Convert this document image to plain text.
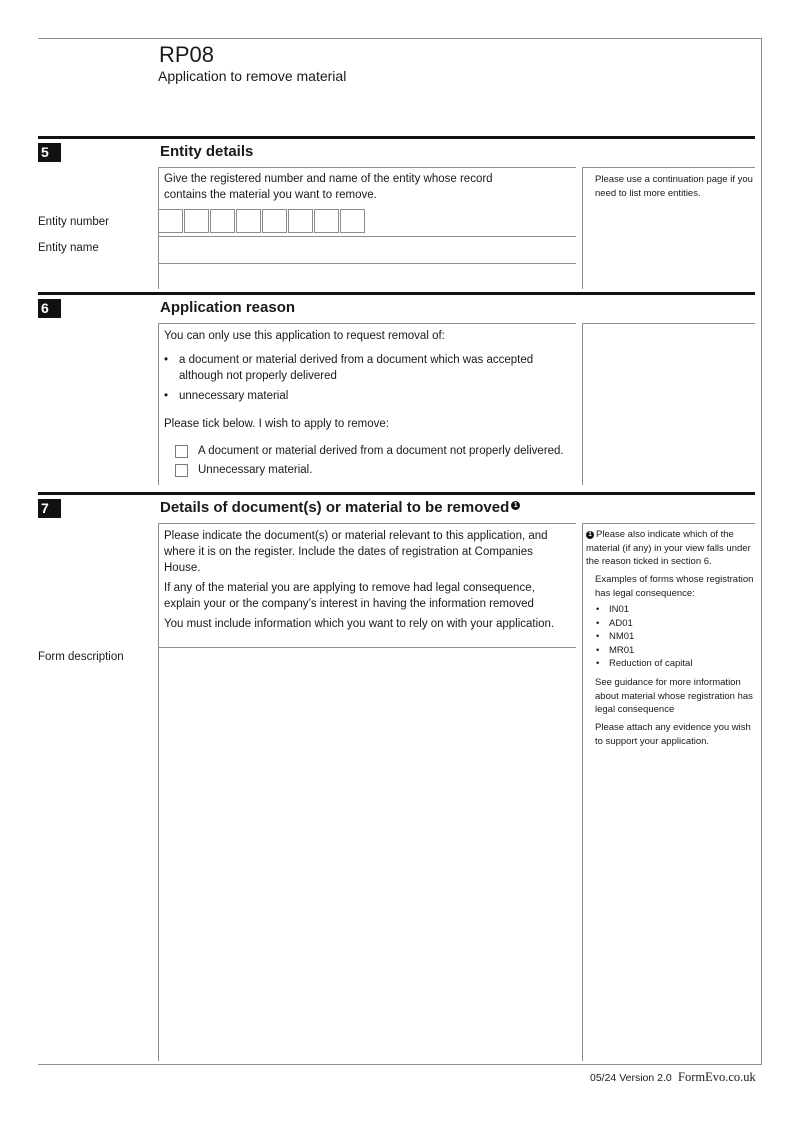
RP08
Application to remove material
5	Entity details
Give the registered number and name of the entity whose record contains the material you want to remove.
Please use a continuation page if you need to list more entities.
Entity number
Entity name
6	Application reason
You can only use this application to request removal of:
• a document or material derived from a document which was accepted although not properly delivered
• unnecessary material
Please tick below. I wish to apply to remove:
A document or material derived from a document not properly delivered.
Unnecessary material.
7	Details of document(s) or material to be removed 1
Please indicate the document(s) or material relevant to this application, and where it is on the register. Include the dates of registration at Companies House.
If any of the material you are applying to remove had legal consequence, explain your or the company’s interest in having the information removed
You must include information which you want to rely on with your application.
Form description
1 Please also indicate which of the material (if any) in your view falls under the reason ticked in section 6.
Examples of forms whose registration has legal consequence:
• IN01
• AD01
• NM01
• MR01
• Reduction of capital
See guidance for more information about material whose registration has legal consequence
Please attach any evidence you wish to support your application.
05/24 Version 2.0 FormEvo.co.uk
